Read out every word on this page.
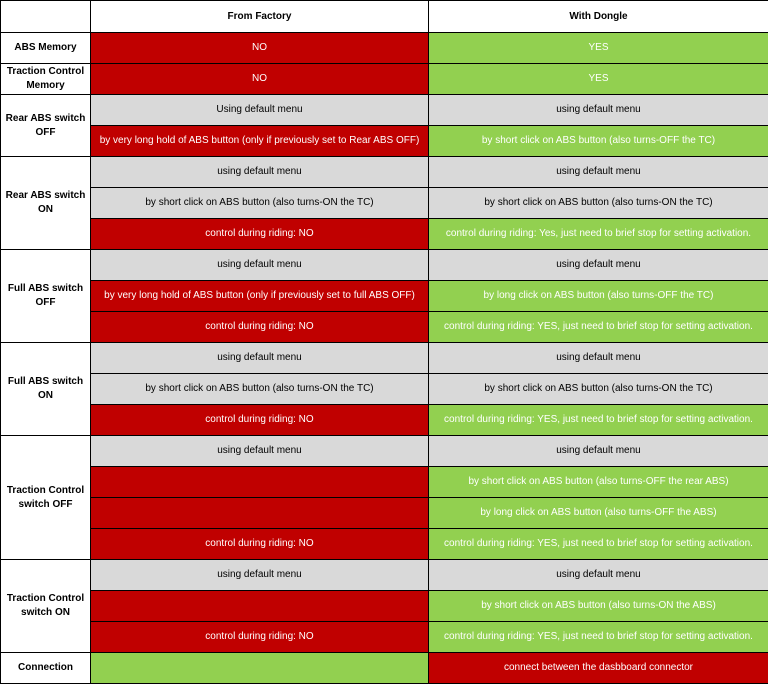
	From Factory	With Dongle
ABS Memory	NO	YES
Traction Control Memory	NO	YES
Rear ABS switch OFF	Using default menu	using default menu
	by very long hold of ABS button (only if previously set to Rear ABS OFF)	by short click on ABS button (also turns-OFF the TC)
Rear ABS switch ON	using default menu	using default menu
	by short click on ABS button (also turns-ON the TC)	by short click on ABS button (also turns-ON the TC)
	control during riding: NO	control during riding: Yes, just need to brief stop for setting activation.
Full ABS switch OFF	using default menu	using default menu
	by very long hold of ABS button (only if previously set to full ABS OFF)	by long click on ABS button (also turns-OFF the TC)
	control during riding: NO	control during riding: YES, just need to brief stop for setting activation.
Full ABS switch ON	using default menu	using default menu
	by short click on ABS button (also turns-ON the TC)	by short click on ABS button (also turns-ON the TC)
	control during riding: NO	control during riding: YES, just need to brief stop for setting activation.
Traction Control switch OFF	using default menu	using default menu
		by short click on ABS button (also turns-OFF the rear ABS)
		by long click on ABS button (also turns-OFF the ABS)
	control during riding: NO	control during riding: YES, just need to brief stop for setting activation.
Traction Control switch ON	using default menu	using default menu
		by short click on ABS button (also turns-ON the ABS)
	control during riding: NO	control during riding: YES, just need to brief stop for setting activation.
Connection		connect between the dasbboard connector
